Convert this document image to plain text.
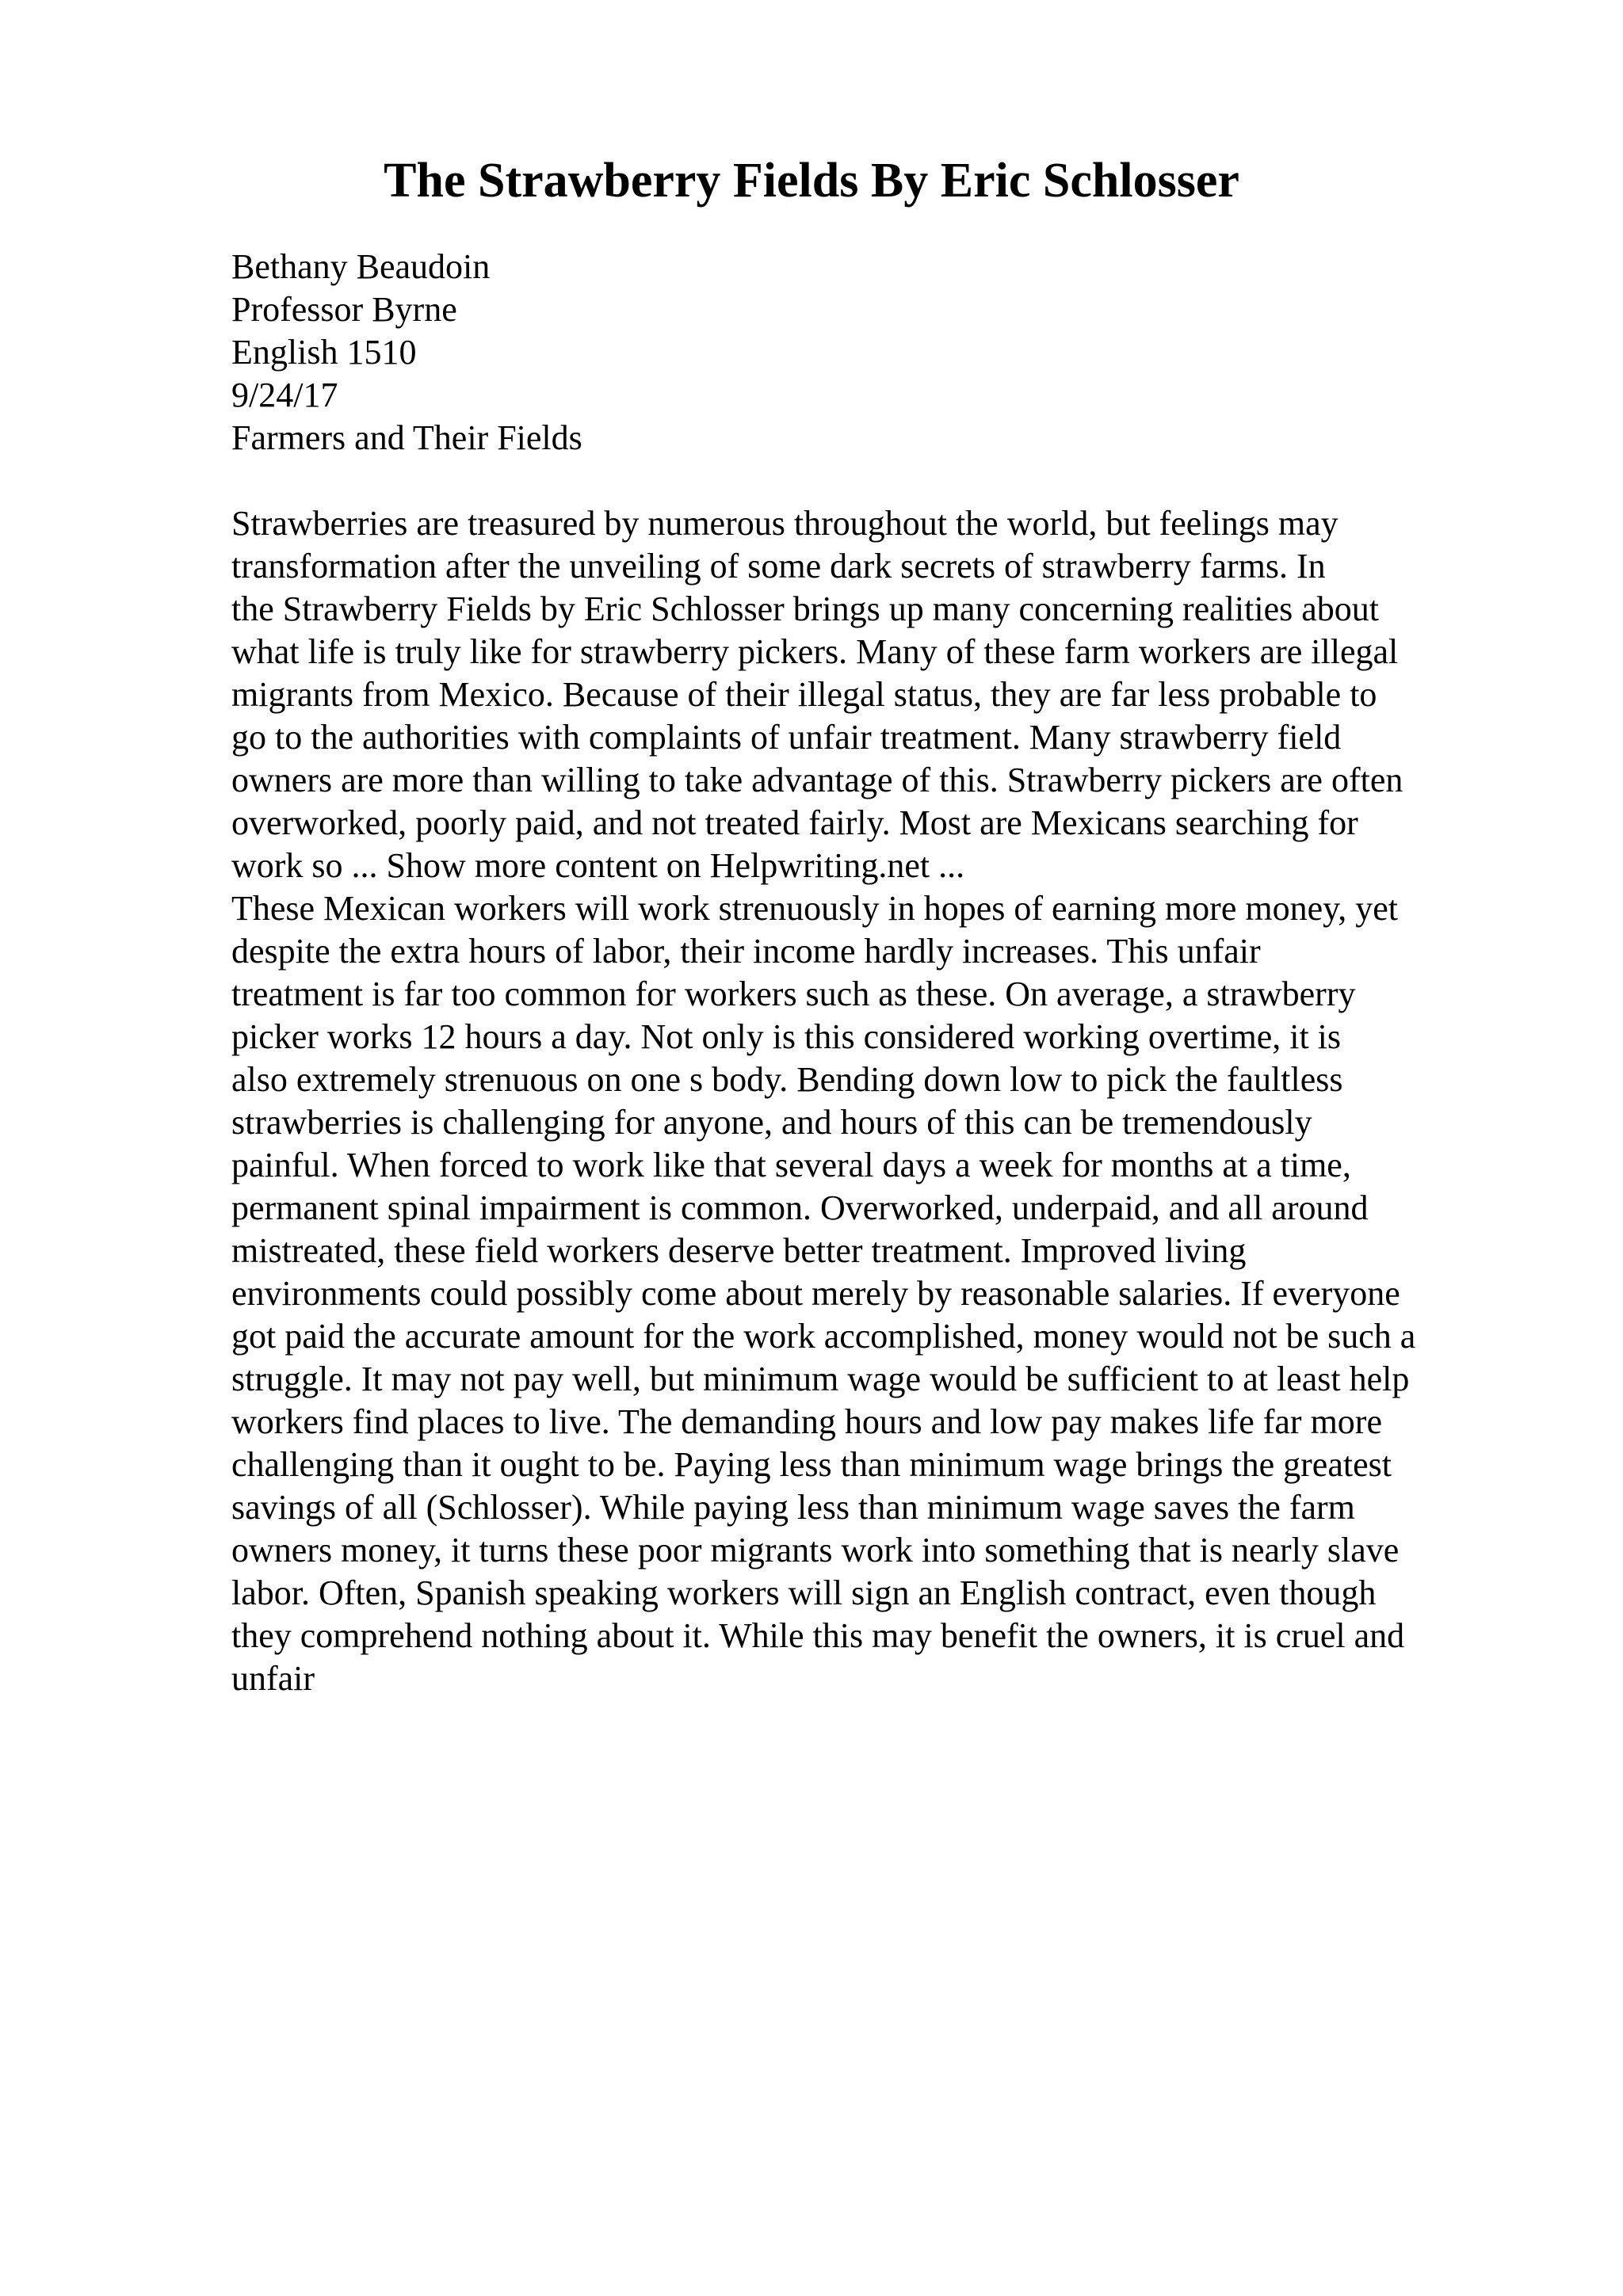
The Strawberry Fields By Eric Schlosser
Bethany Beaudoin
Professor Byrne
English 1510
9/24/17
Farmers and Their Fields
Strawberries are treasured by numerous throughout the world, but feelings may
transformation after the unveiling of some dark secrets of strawberry farms. In
the Strawberry Fields by Eric Schlosser brings up many concerning realities about
what life is truly like for strawberry pickers. Many of these farm workers are illegal
migrants from Mexico. Because of their illegal status, they are far less probable to
go to the authorities with complaints of unfair treatment. Many strawberry field
owners are more than willing to take advantage of this. Strawberry pickers are often
overworked, poorly paid, and not treated fairly. Most are Mexicans searching for
work so ... Show more content on Helpwriting.net ...
These Mexican workers will work strenuously in hopes of earning more money, yet
despite the extra hours of labor, their income hardly increases. This unfair
treatment is far too common for workers such as these. On average, a strawberry
picker works 12 hours a day. Not only is this considered working overtime, it is
also extremely strenuous on one s body. Bending down low to pick the faultless
strawberries is challenging for anyone, and hours of this can be tremendously
painful. When forced to work like that several days a week for months at a time,
permanent spinal impairment is common. Overworked, underpaid, and all around
mistreated, these field workers deserve better treatment. Improved living
environments could possibly come about merely by reasonable salaries. If everyone
got paid the accurate amount for the work accomplished, money would not be such a
struggle. It may not pay well, but minimum wage would be sufficient to at least help
workers find places to live. The demanding hours and low pay makes life far more
challenging than it ought to be. Paying less than minimum wage brings the greatest
savings of all (Schlosser). While paying less than minimum wage saves the farm
owners money, it turns these poor migrants work into something that is nearly slave
labor. Often, Spanish speaking workers will sign an English contract, even though
they comprehend nothing about it. While this may benefit the owners, it is cruel and
unfair
